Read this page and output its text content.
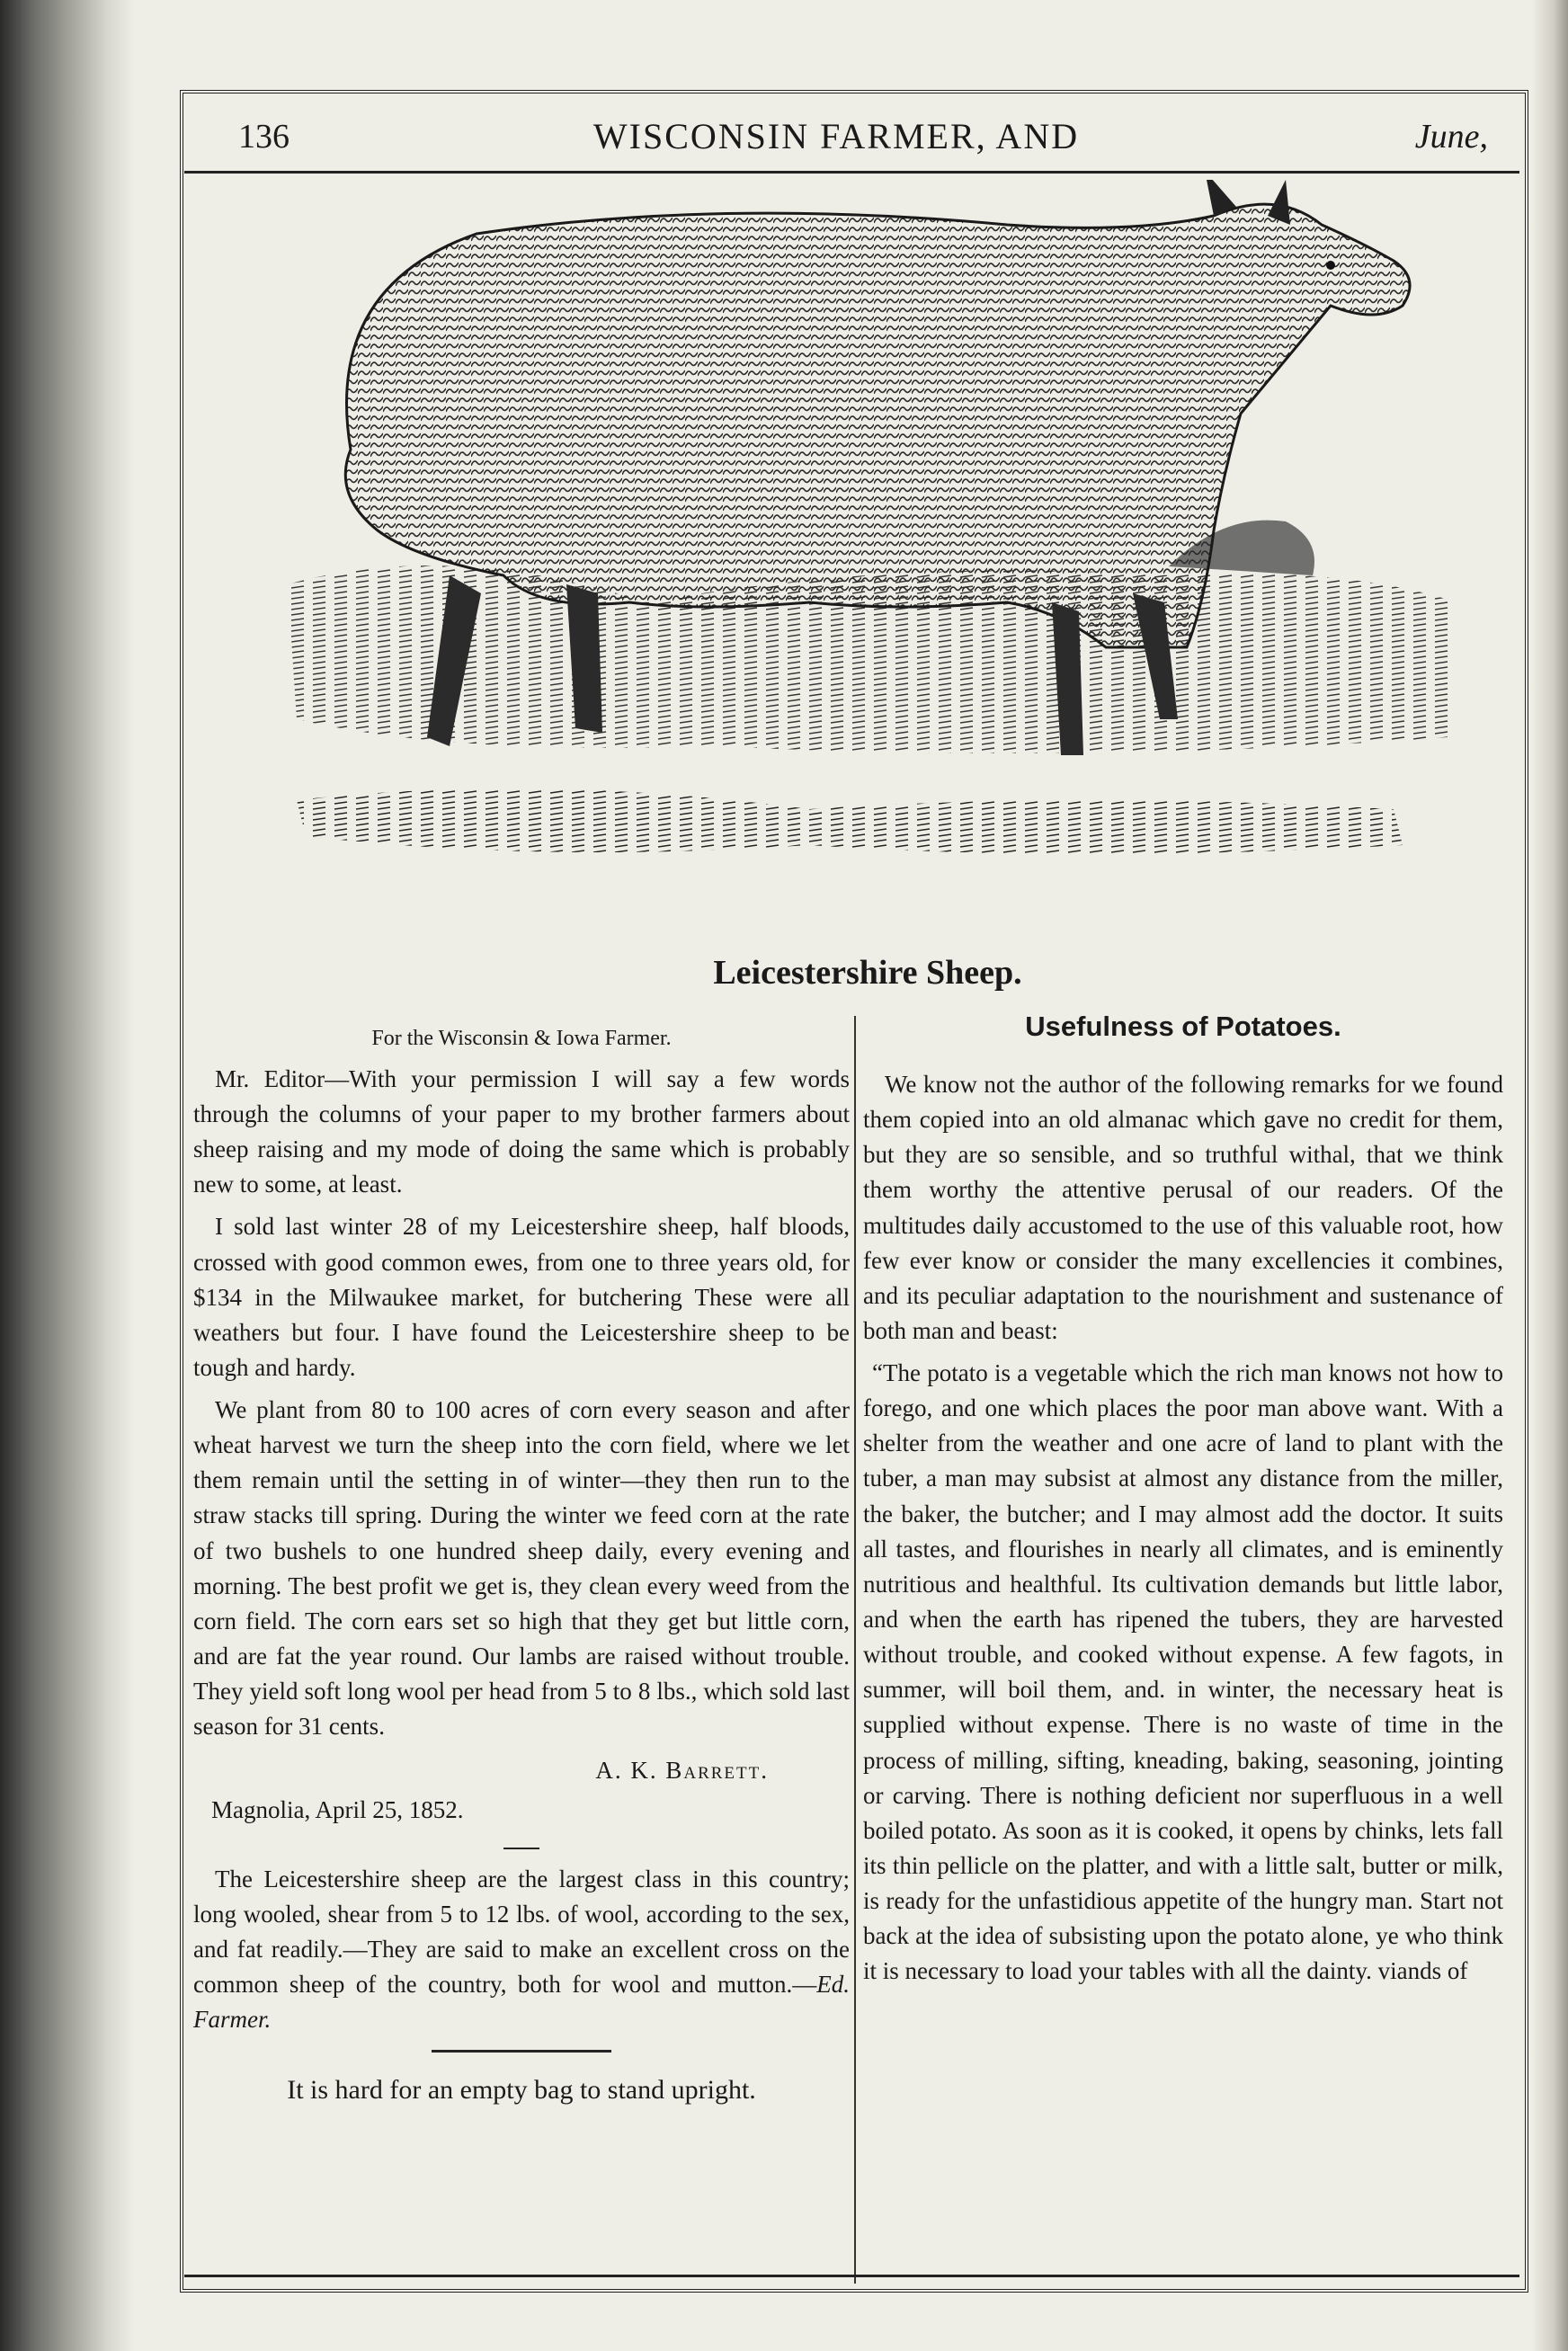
136	WISCONSIN FARMER, AND	June,
Leicestershire Sheep.
For the Wisconsin & Iowa Farmer.

Mr. Editor—With your permission I will say a few words through the columns of your paper to my brother farmers about sheep raising and my mode of doing the same which is probably new to some, at least.

I sold last winter 28 of my Leicestershire sheep, half bloods, crossed with good common ewes, from one to three years old, for $134 in the Milwaukee market, for butchering These were all weathers but four. I have found the Leicestershire sheep to be tough and hardy.

We plant from 80 to 100 acres of corn every season and after wheat harvest we turn the sheep into the corn field, where we let them remain until the setting in of winter—they then run to the straw stacks till spring. During the winter we feed corn at the rate of two bushels to one hundred sheep daily, every evening and morning. The best profit we get is, they clean every weed from the corn field. The corn ears set so high that they get but little corn, and are fat the year round. Our lambs are raised without trouble. They yield soft long wool per head from 5 to 8 lbs., which sold last season for 31 cents.

A. K. Barrett.
Magnolia, April 25, 1852.

The Leicestershire sheep are the largest class in this country; long wooled, shear from 5 to 12 lbs. of wool, according to the sex, and fat readily.—They are said to make an excellent cross on the common sheep of the country, both for wool and mutton.—Ed. Farmer.

It is hard for an empty bag to stand upright.
Usefulness of Potatoes.

We know not the author of the following remarks for we found them copied into an old almanac which gave no credit for them, but they are so sensible, and so truthful withal, that we think them worthy the attentive perusal of our readers. Of the multitudes daily accustomed to the use of this valuable root, how few ever know or consider the many excellencies it combines, and its peculiar adaptation to the nourishment and sustenance of both man and beast:

“The potato is a vegetable which the rich man knows not how to forego, and one which places the poor man above want. With a shelter from the weather and one acre of land to plant with the tuber, a man may subsist at almost any distance from the miller, the baker, the butcher; and I may almost add the doctor. It suits all tastes, and flourishes in nearly all climates, and is eminently nutritious and healthful. Its cultivation demands but little labor, and when the earth has ripened the tubers, they are harvested without trouble, and cooked without expense. A few fagots, in summer, will boil them, and. in winter, the necessary heat is supplied without expense. There is no waste of time in the process of milling, sifting, kneading, baking, seasoning, jointing or carving. There is nothing deficient nor superfluous in a well boiled potato. As soon as it is cooked, it opens by chinks, lets fall its thin pellicle on the platter, and with a little salt, butter or milk, is ready for the unfastidious appetite of the hungry man. Start not back at the idea of subsisting upon the potato alone, ye who think it is necessary to load your tables with all the dainty. viands of
